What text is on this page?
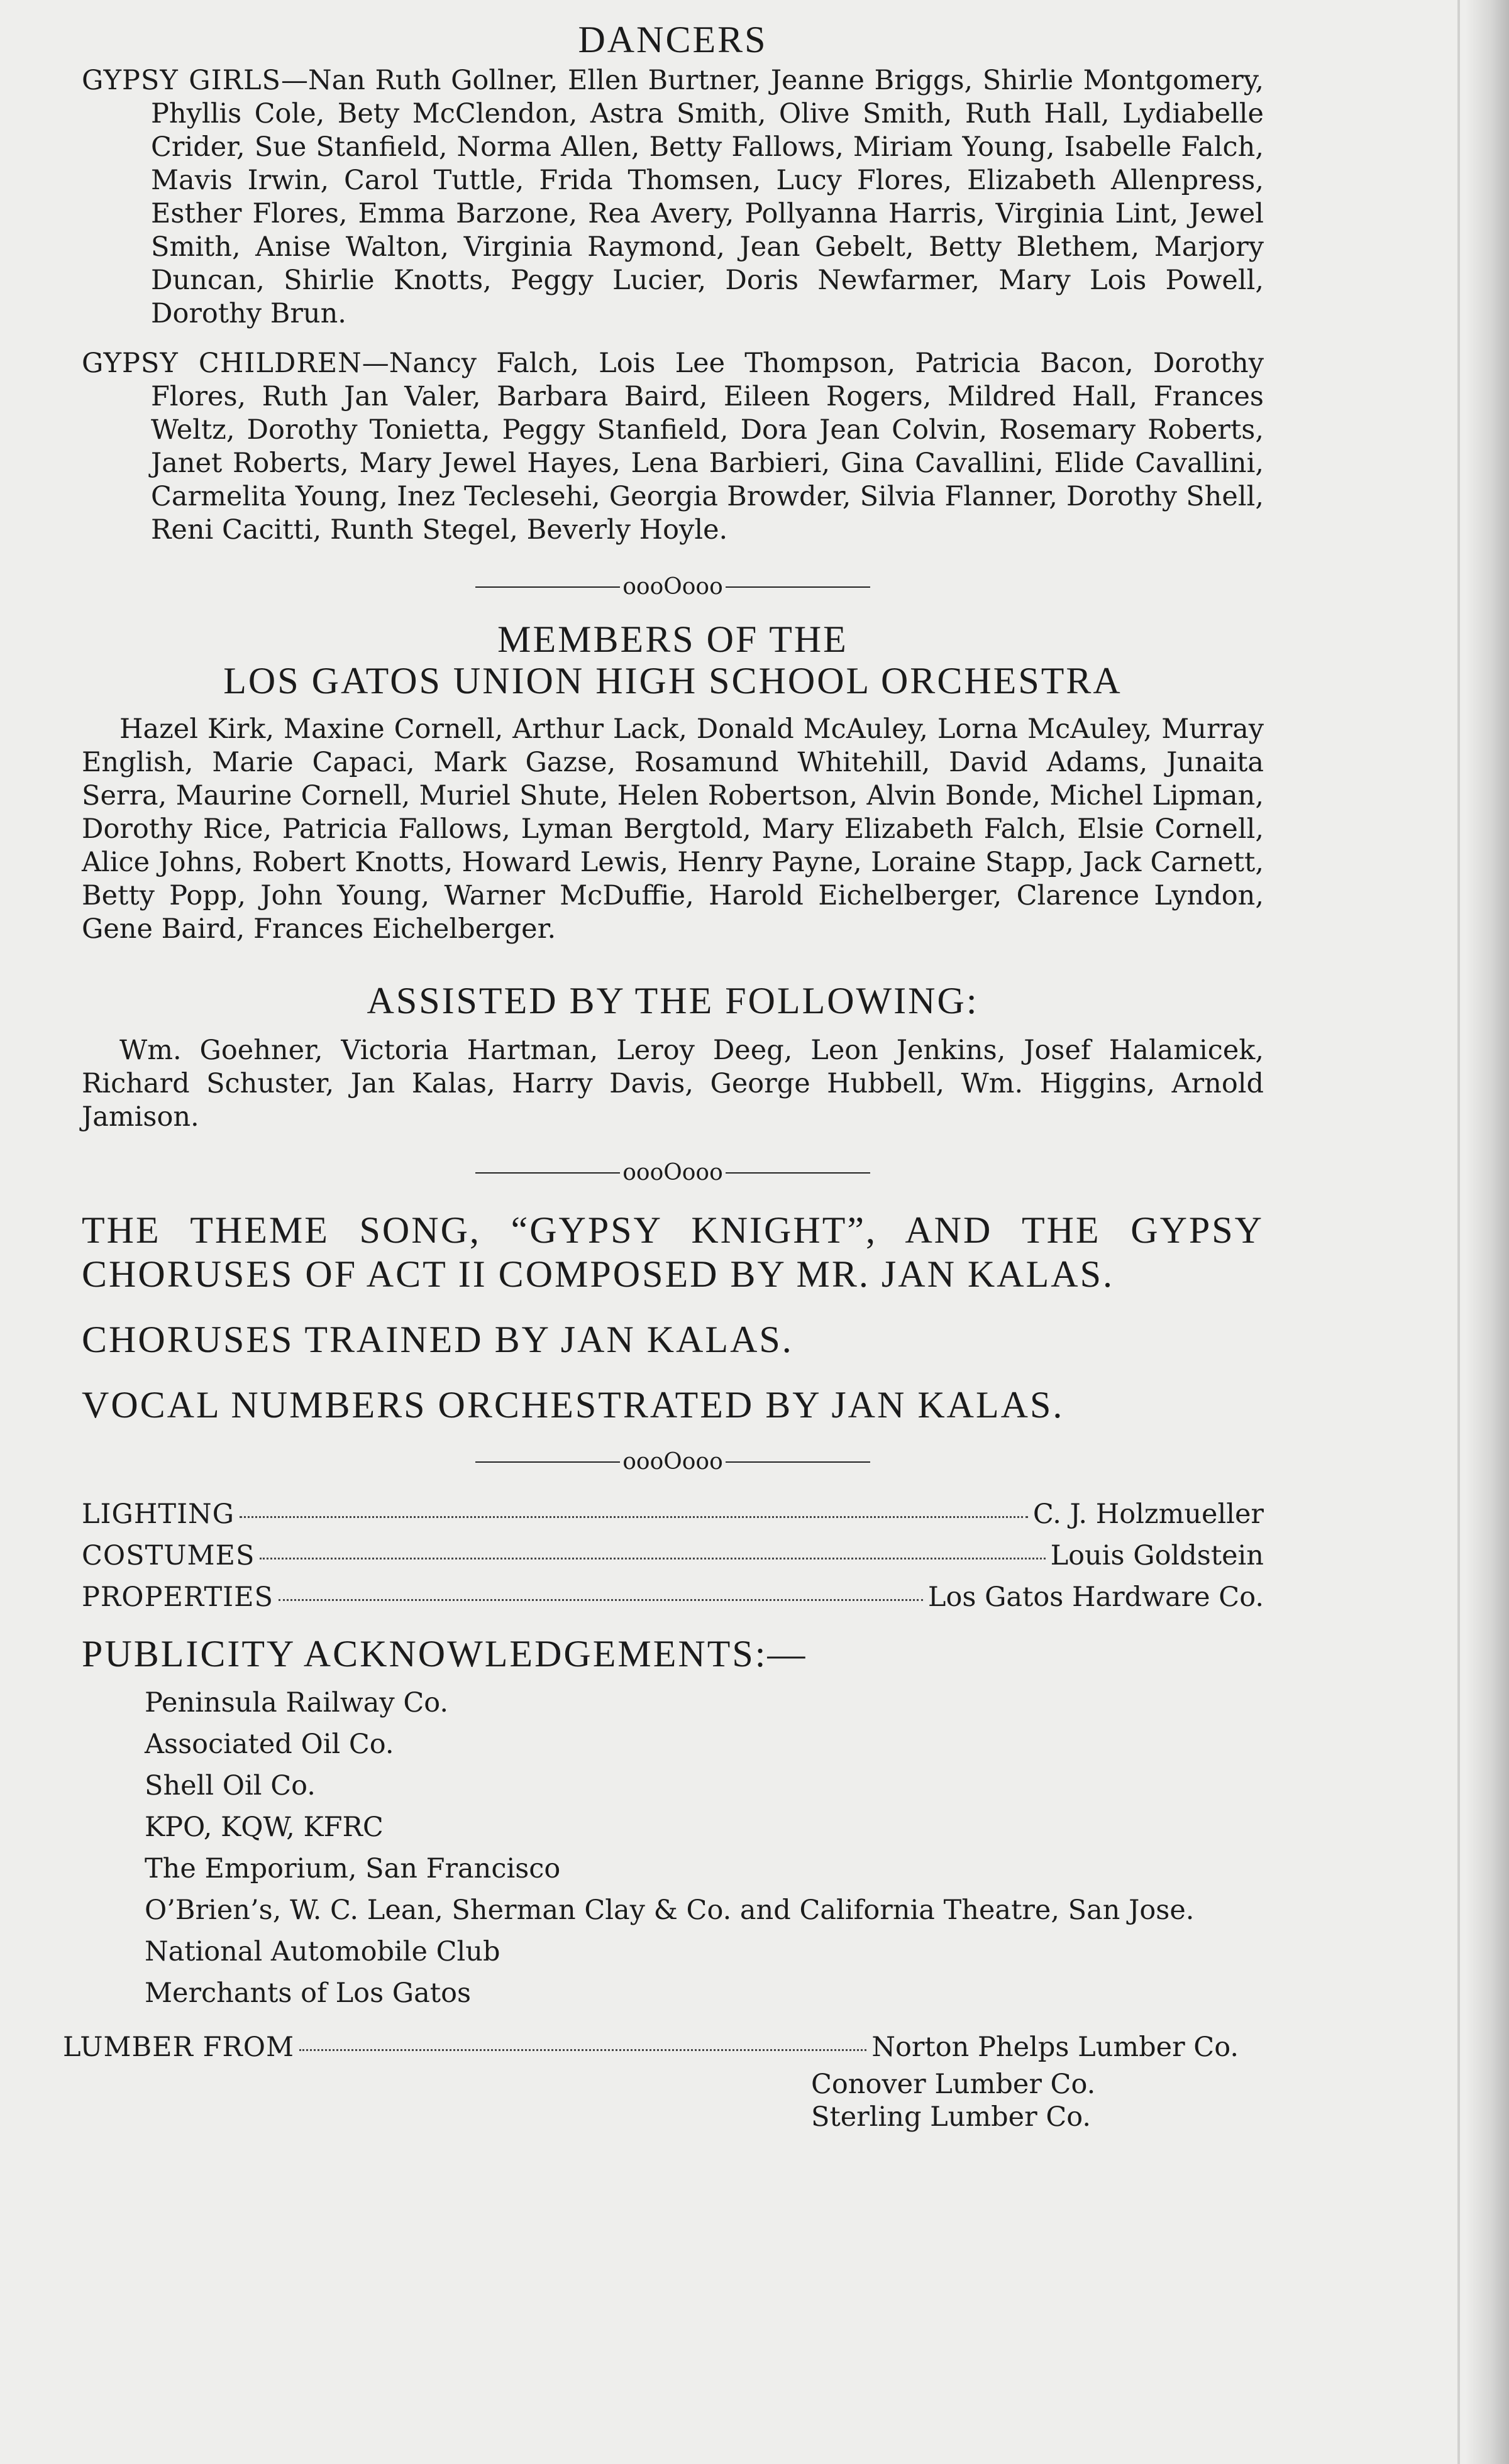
DANCERS

GYPSY GIRLS—Nan Ruth Gollner, Ellen Burtner, Jeanne Briggs, Shirlie Montgomery, Phyllis Cole, Bety McClendon, Astra Smith, Olive Smith, Ruth Hall, Lydiabelle Crider, Sue Stanfield, Norma Allen, Betty Fallows, Miriam Young, Isabelle Falch, Mavis Irwin, Carol Tuttle, Frida Thomsen, Lucy Flores, Elizabeth Allenpress, Esther Flores, Emma Barzone, Rea Avery, Pollyanna Harris, Virginia Lint, Jewel Smith, Anise Walton, Virginia Raymond, Jean Gebelt, Betty Blethem, Marjory Duncan, Shirlie Knotts, Peggy Lucier, Doris Newfarmer, Mary Lois Powell, Dorothy Brun.

GYPSY CHILDREN—Nancy Falch, Lois Lee Thompson, Patricia Bacon, Dorothy Flores, Ruth Jan Valer, Barbara Baird, Eileen Rogers, Mildred Hall, Frances Weltz, Dorothy Tonietta, Peggy Stanfield, Dora Jean Colvin, Rosemary Roberts, Janet Roberts, Mary Jewel Hayes, Lena Barbieri, Gina Cavallini, Elide Cavallini, Carmelita Young, Inez Teclesehi, Georgia Browder, Silvia Flanner, Dorothy Shell, Reni Cacitti, Runth Stegel, Beverly Hoyle.

oooOooo
MEMBERS OF THE
LOS GATOS UNION HIGH SCHOOL ORCHESTRA

Hazel Kirk, Maxine Cornell, Arthur Lack, Donald McAuley, Lorna McAuley, Murray English, Marie Capaci, Mark Gazse, Rosamund Whitehill, David Adams, Junaita Serra, Maurine Cornell, Muriel Shute, Helen Robertson, Alvin Bonde, Michel Lipman, Dorothy Rice, Patricia Fallows, Lyman Bergtold, Mary Elizabeth Falch, Elsie Cornell, Alice Johns, Robert Knotts, Howard Lewis, Henry Payne, Loraine Stapp, Jack Carnett, Betty Popp, John Young, Warner McDuffie, Harold Eichelberger, Clarence Lyndon, Gene Baird, Frances Eichelberger.

ASSISTED BY THE FOLLOWING:

Wm. Goehner, Victoria Hartman, Leroy Deeg, Leon Jenkins, Josef Halamicek, Richard Schuster, Jan Kalas, Harry Davis, George Hubbell, Wm. Higgins, Arnold Jamison.

oooOooo

THE THEME SONG, “GYPSY KNIGHT”, AND THE GYPSY CHORUSES OF ACT II COMPOSED BY MR. JAN KALAS.

CHORUSES TRAINED BY JAN KALAS.

VOCAL NUMBERS ORCHESTRATED BY JAN KALAS.

oooOooo
LIGHTING	C. J. Holzmueller
COSTUMES	Louis Goldstein
PROPERTIES	Los Gatos Hardware Co.
PUBLICITY ACKNOWLEDGEMENTS:—
Peninsula Railway Co.
Associated Oil Co.
Shell Oil Co.
KPO, KQW, KFRC
The Emporium, San Francisco
O’Brien’s, W. C. Lean, Sherman Clay & Co. and California Theatre, San Jose.
National Automobile Club
Merchants of Los Gatos
LUMBER FROM	Norton Phelps Lumber Co.
Conover Lumber Co.
Sterling Lumber Co.
